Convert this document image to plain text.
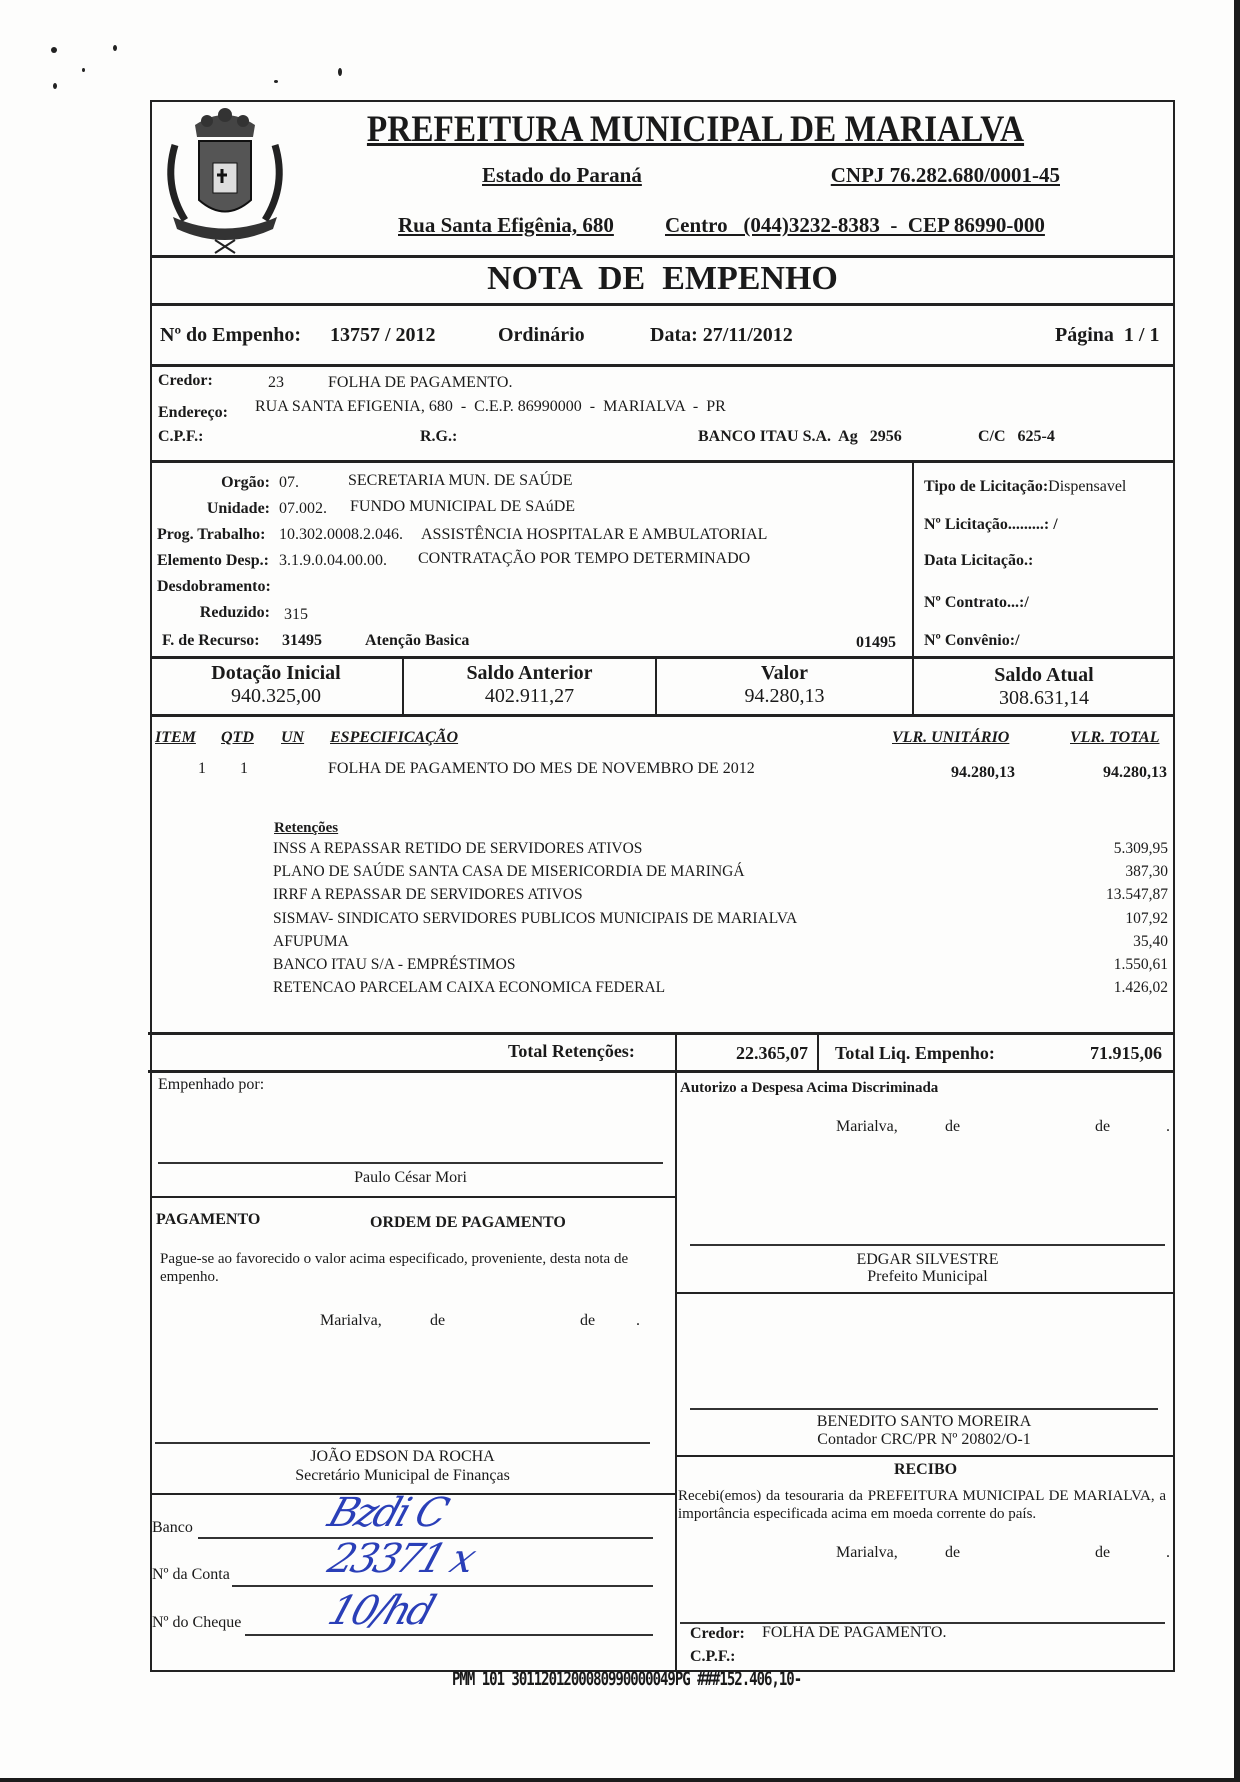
PREFEITURA MUNICIPAL DE MARIALVA
Estado do Paraná	CNPJ 76.282.680/0001-45
Rua Santa Efigênia, 680 Centro   (044)3232-8383  -  CEP 86990-000
NOTA  DE  EMPENHO
Nº do Empenho: 13757 / 2012	Ordinário	Data: 27/11/2012	Página  1 / 1
Credor:	23	FOLHA DE PAGAMENTO.
Endereço: RUA SANTA EFIGENIA, 680  -  C.E.P. 86990000  -  MARIALVA  -  PR
C.P.F.:	R.G.:	BANCO ITAU S.A.  Ag   2956	C/C   625-4
Orgão: 07.	SECRETARIA MUN. DE SAÚDE
Unidade: 07.002. FUNDO MUNICIPAL DE SAúDE
Prog. Trabalho: 10.302.0008.2.046. ASSISTÊNCIA HOSPITALAR E AMBULATORIAL
Elemento Desp.: 3.1.9.0.04.00.00. CONTRATAÇÃO POR TEMPO DETERMINADO
Desdobramento:
Reduzido: 315
F. de Recurso: 31495	Atenção Basica	01495
Tipo de Licitação:Dispensavel
Nº Licitação.........: /
Data Licitação.:
Nº Contrato...:/
Nº Convênio:/
Dotação Inicial
940.325,00
Saldo Anterior
402.911,27
Valor
94.280,13
Saldo Atual
308.631,14
ITEM QTD UN ESPECIFICAÇÃO	VLR. UNITÁRIO	VLR. TOTAL
1 1	FOLHA DE PAGAMENTO DO MES DE NOVEMBRO DE 2012	94.280,13	94.280,13
Retenções
INSS A REPASSAR RETIDO DE SERVIDORES ATIVOS	5.309,95
PLANO DE SAÚDE SANTA CASA DE MISERICORDIA DE MARINGÁ	387,30
IRRF A REPASSAR DE SERVIDORES ATIVOS	13.547,87
SISMAV- SINDICATO SERVIDORES PUBLICOS MUNICIPAIS DE MARIALVA	107,92
AFUPUMA	35,40
BANCO ITAU S/A - EMPRÉSTIMOS	1.550,61
RETENCAO PARCELAM CAIXA ECONOMICA FEDERAL	1.426,02
Total Retenções:	22.365,07 Total Liq. Empenho:	71.915,06
Empenhado por:
Paulo César Mori
Autorizo a Despesa Acima Discriminada
Marialva,	de	de	.
EDGAR SILVESTRE
Prefeito Municipal
PAGAMENTO	ORDEM DE PAGAMENTO
Pague-se ao favorecido o valor acima especificado, proveniente, desta nota de empenho.
Marialva,	de	de	.
JOÃO EDSON DA ROCHA
Secretário Municipal de Finanças
Banco	Bzdi C
Nº da Conta 23371 x
Nº do Cheque 10/hd
BENEDITO SANTO MOREIRA
Contador CRC/PR Nº 20802/O-1
RECIBO
Recebi(emos) da tesouraria da PREFEITURA MUNICIPAL DE MARIALVA, a importância especificada acima em moeda corrente do país.
Marialva,	de	de	.
Credor: FOLHA DE PAGAMENTO.
C.P.F.:
PMM 101 3011201200080990000049PG ###152.406,10-
